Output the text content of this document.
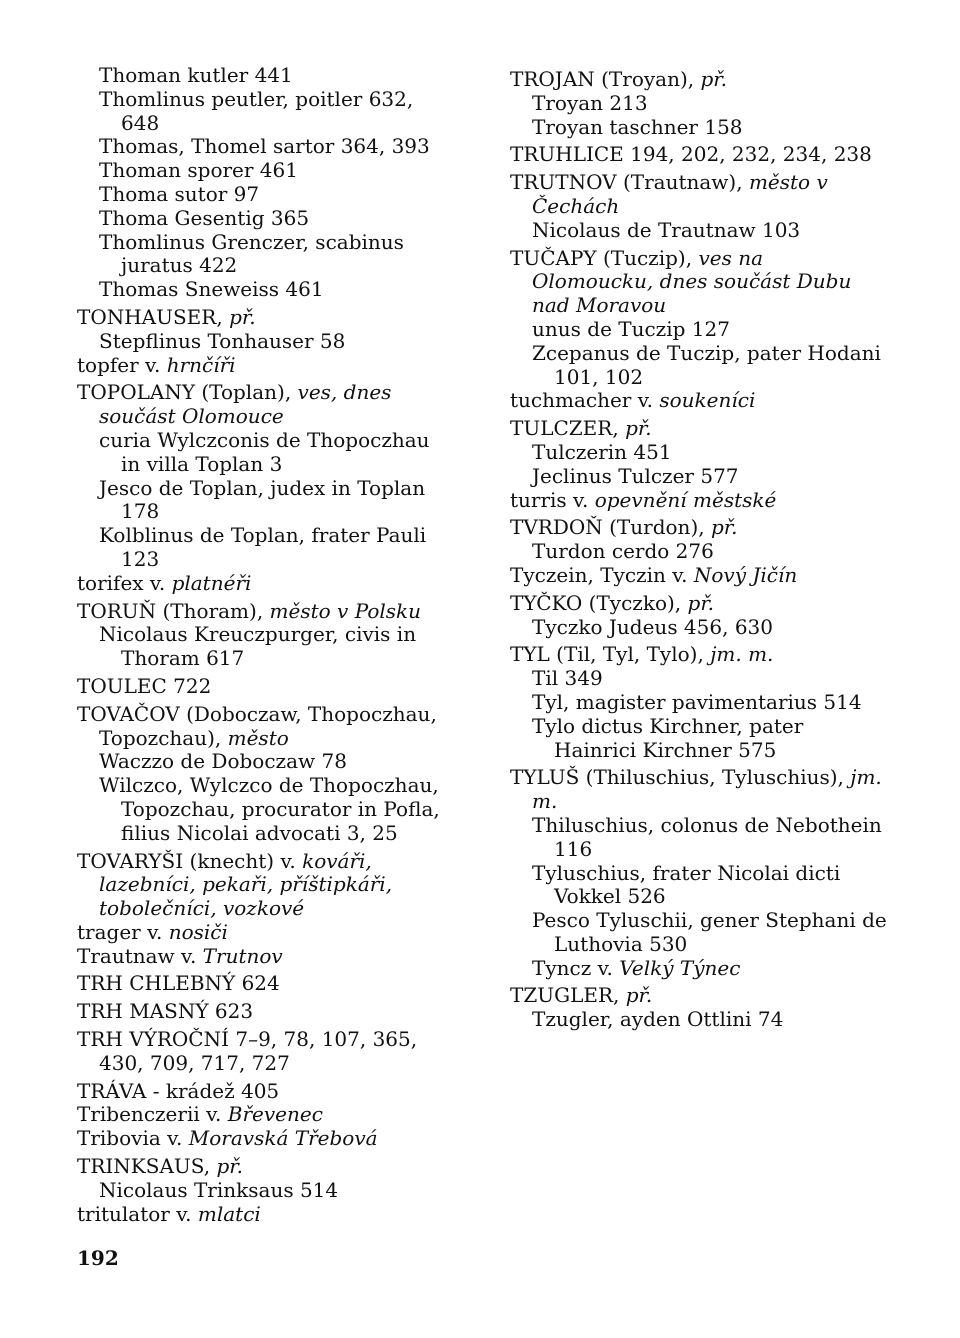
Thoman kutler 441
Thomlinus peutler, poitler 632, 648
Thomas, Thomel sartor 364, 393
Thoman sporer 461
Thoma sutor 97
Thoma Gesentig 365
Thomlinus Grenczer, scabinus juratus 422
Thomas Sneweiss 461
TONHAUSER, př.
Stepflinus Tonhauser 58
topfer v. hrnčíři
TOPOLANY (Toplan), ves, dnes součást Olomouce
curia Wylczconis de Thopoczhau in villa Toplan 3
Jesco de Toplan, judex in Toplan 178
Kolblinus de Toplan, frater Pauli 123
torifex v. platnéři
TORUŇ (Thoram), město v Polsku
Nicolaus Kreuczpurger, civis in Thoram 617
TOULEC 722
TOVAČOV (Doboczaw, Thopoczhau, Topozchau), město
Waczzo de Doboczaw 78
Wilczco, Wylczco de Thopoczhau, Topozchau, procurator in Pofla, filius Nicolai advocati 3, 25
TOVARYŠI (knecht) v. kováři, lazebníci, pekaři, příštipkáři, tobolečníci, vozkové
trager v. nosiči
Trautnaw v. Trutnov
TRH CHLEBNÝ 624
TRH MASNÝ 623
TRH VÝROČNÍ 7–9, 78, 107, 365, 430, 709, 717, 727
TRÁVA - krádež 405
Tribenczerii v. Břevenec
Tribovia v. Moravská Třebová
TRINKSAUS, př.
Nicolaus Trinksaus 514
tritulator v. mlatci
TROJAN (Troyan), př.
Troyan 213
Troyan taschner 158
TRUHLICE 194, 202, 232, 234, 238
TRUTNOV (Trautnaw), město v Čechách
Nicolaus de Trautnaw 103
TUČAPY (Tuczip), ves na Olomoucku, dnes součást Dubu nad Moravou
unus de Tuczip 127
Zcepanus de Tuczip, pater Hodani 101, 102
tuchmacher v. soukeníci
TULCZER, př.
Tulczerin 451
Jeclinus Tulczer 577
turris v. opevnění městské
TVRDOŇ (Turdon), př.
Turdon cerdo 276
Tyczein, Tyczin v. Nový Jičín
TYČKO (Tyczko), př.
Tyczko Judeus 456, 630
TYL (Til, Tyl, Tylo), jm. m.
Til 349
Tyl, magister pavimentarius 514
Tylo dictus Kirchner, pater Hainrici Kirchner 575
TYLUŠ (Thiluschius, Tyluschius), jm. m.
Thiluschius, colonus de Nebothein 116
Tyluschius, frater Nicolai dicti Vokkel 526
Pesco Tyluschii, gener Stephani de Luthovia 530
Tyncz v. Velký Týnec
TZUGLER, př.
Tzugler, ayden Ottlini 74
192
